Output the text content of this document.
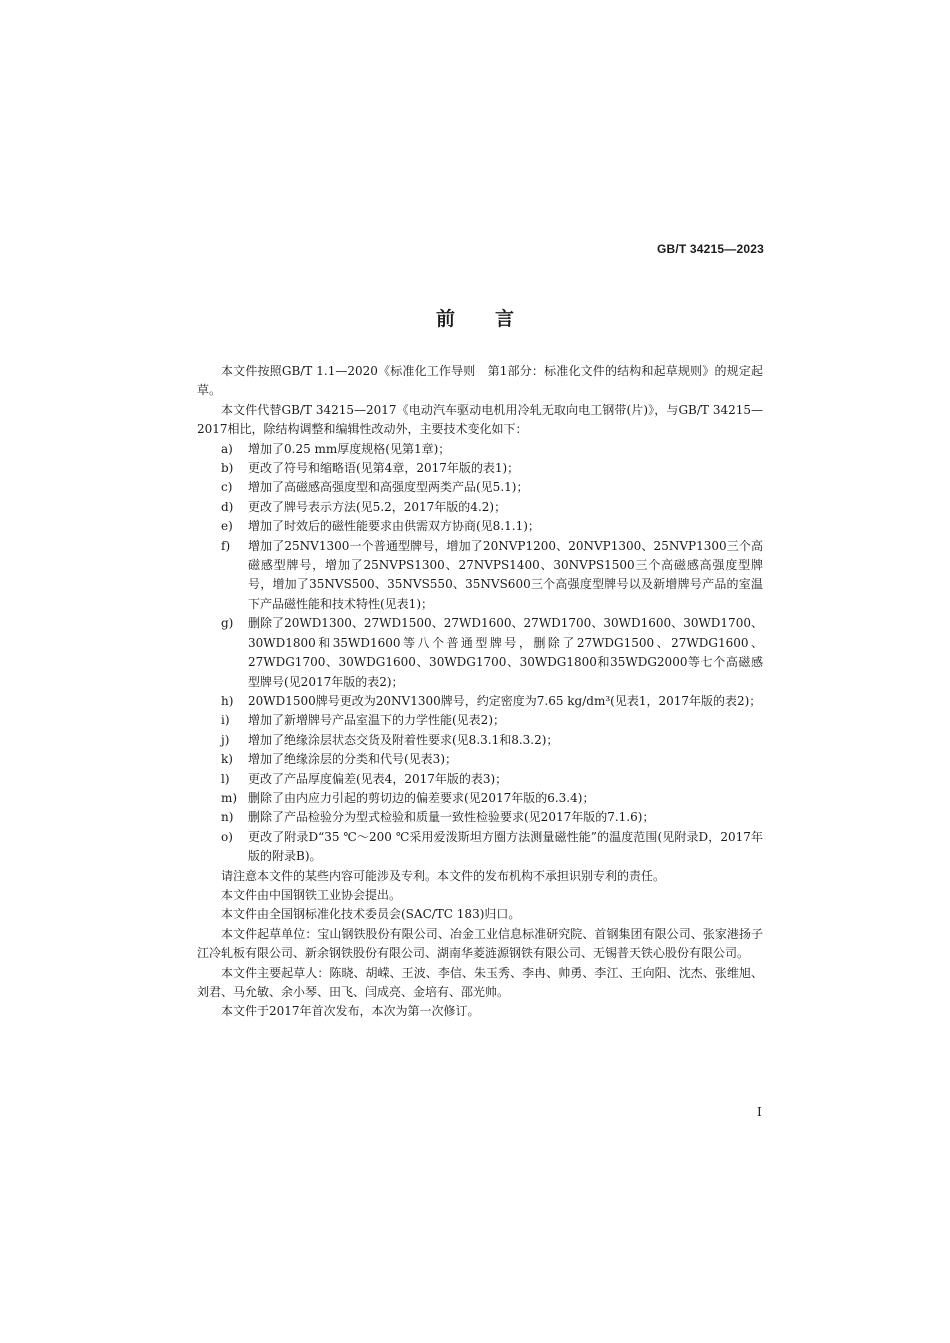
GB/T 34215—2023
前言

本文件按照GB/T 1.1—2020《标准化工作导则　第1部分：标准化文件的结构和起草规则》的规定起草。

本文件代替GB/T 34215—2017《电动汽车驱动电机用冷轧无取向电工钢带(片)》，与GB/T 34215—2017相比，除结构调整和编辑性改动外，主要技术变化如下：

a)	增加了0.25 mm厚度规格(见第1章)；
b)	更改了符号和缩略语(见第4章，2017年版的表1)；
c)	增加了高磁感高强度型和高强度型两类产品(见5.1)；
d)	更改了牌号表示方法(见5.2，2017年版的4.2)；
e)	增加了时效后的磁性能要求由供需双方协商(见8.1.1)；
f)	增加了25NV1300一个普通型牌号，增加了20NVP1200、20NVP1300、25NVP1300三个高磁感型牌号，增加了25NVPS1300、27NVPS1400、30NVPS1500三个高磁感高强度型牌号，增加了35NVS500、35NVS550、35NVS600三个高强度型牌号以及新增牌号产品的室温下产品磁性能和技术特性(见表1)；
g)	删除了20WD1300、27WD1500、27WD1600、27WD1700、30WD1600、30WD1700、30WD1800和35WD1600等八个普通型牌号，删除了27WDG1500、27WDG1600、27WDG1700、30WDG1600、30WDG1700、30WDG1800和35WDG2000等七个高磁感型牌号(见2017年版的表2)；
h)	20WD1500牌号更改为20NV1300牌号，约定密度为7.65 kg/dm³(见表1，2017年版的表2)；
i)	增加了新增牌号产品室温下的力学性能(见表2)；
j)	增加了绝缘涂层状态交货及附着性要求(见8.3.1和8.3.2)；
k)	增加了绝缘涂层的分类和代号(见表3)；
l)	更改了产品厚度偏差(见表4，2017年版的表3)；
m) 删除了由内应力引起的剪切边的偏差要求(见2017年版的6.3.4)；
n)	删除了产品检验分为型式检验和质量一致性检验要求(见2017年版的7.1.6)；
o)	更改了附录D“35 ℃～200 ℃采用爱泼斯坦方圈方法测量磁性能”的温度范围(见附录D，2017年版的附录B)。

请注意本文件的某些内容可能涉及专利。本文件的发布机构不承担识别专利的责任。

本文件由中国钢铁工业协会提出。

本文件由全国钢标准化技术委员会(SAC/TC 183)归口。

本文件起草单位：宝山钢铁股份有限公司、冶金工业信息标准研究院、首钢集团有限公司、张家港扬子江冷轧板有限公司、新余钢铁股份有限公司、湖南华菱涟源钢铁有限公司、无锡普天铁心股份有限公司。

本文件主要起草人：陈晓、胡嵘、王波、李信、朱玉秀、李冉、帅勇、李江、王向阳、沈杰、张维旭、刘君、马允敏、余小琴、田飞、闫成亮、金培有、邵光帅。

本文件于2017年首次发布，本次为第一次修订。

I
